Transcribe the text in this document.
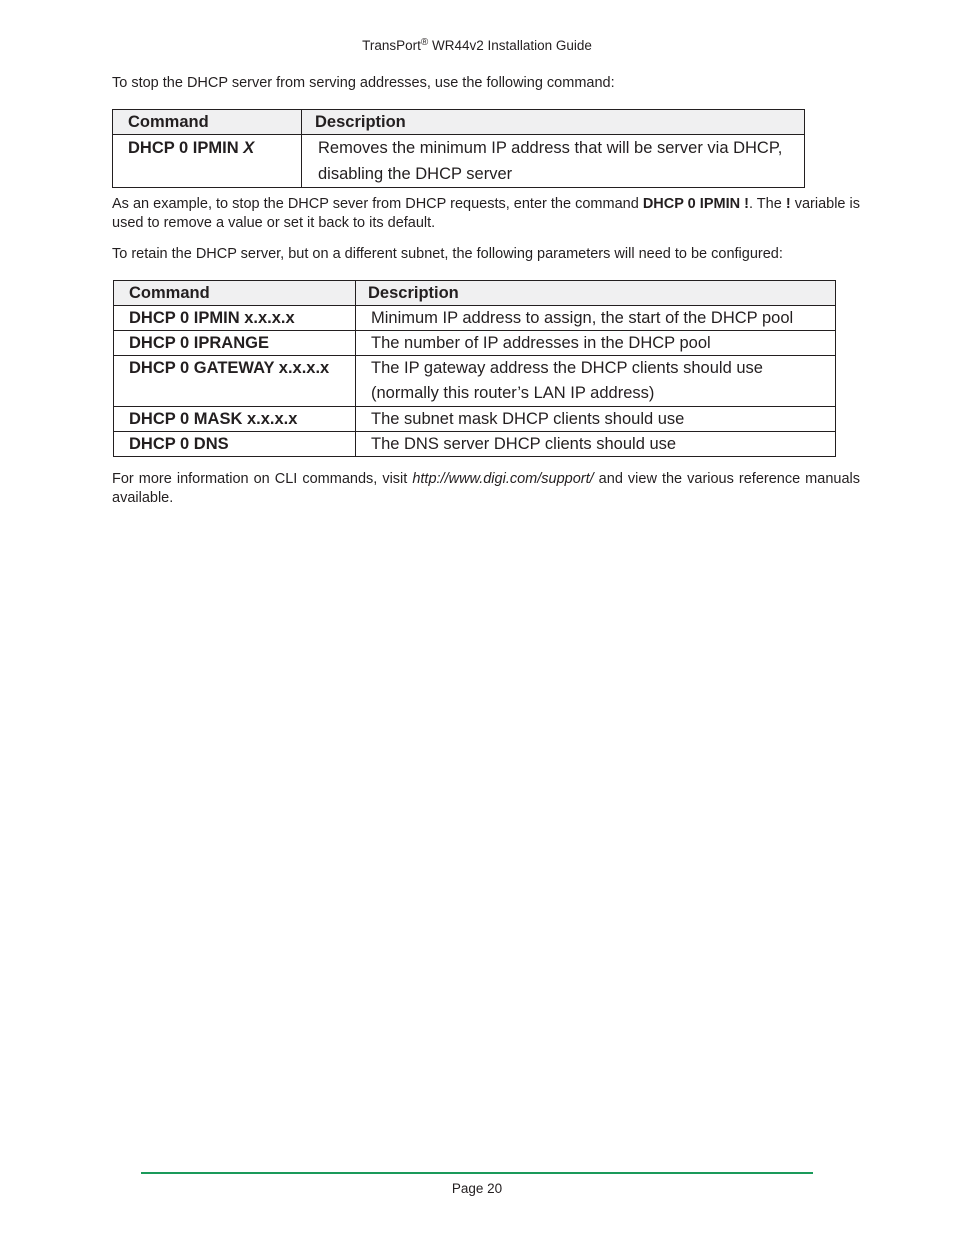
TransPort® WR44v2 Installation Guide

To stop the DHCP server from serving addresses, use the following command:

Command	Description
DHCP 0 IPMIN X	Removes the minimum IP address that will be server via DHCP,
disabling the DHCP server

As an example, to stop the DHCP sever from DHCP requests, enter the command DHCP 0 IPMIN !. The ! variable is used to remove a value or set it back to its default.

To retain the DHCP server, but on a different subnet, the following parameters will need to be configured:

Command	Description
DHCP 0 IPMIN x.x.x.x	Minimum IP address to assign, the start of the DHCP pool
DHCP 0 IPRANGE	The number of IP addresses in the DHCP pool
DHCP 0 GATEWAY x.x.x.x	The IP gateway address the DHCP clients should use
(normally this router’s LAN IP address)

DHCP 0 MASK x.x.x.x	The subnet mask DHCP clients should use
DHCP 0 DNS	The DNS server DHCP clients should use

For more information on CLI commands, visit http://www.digi.com/support/ and view the various reference manuals available.

Page 20
